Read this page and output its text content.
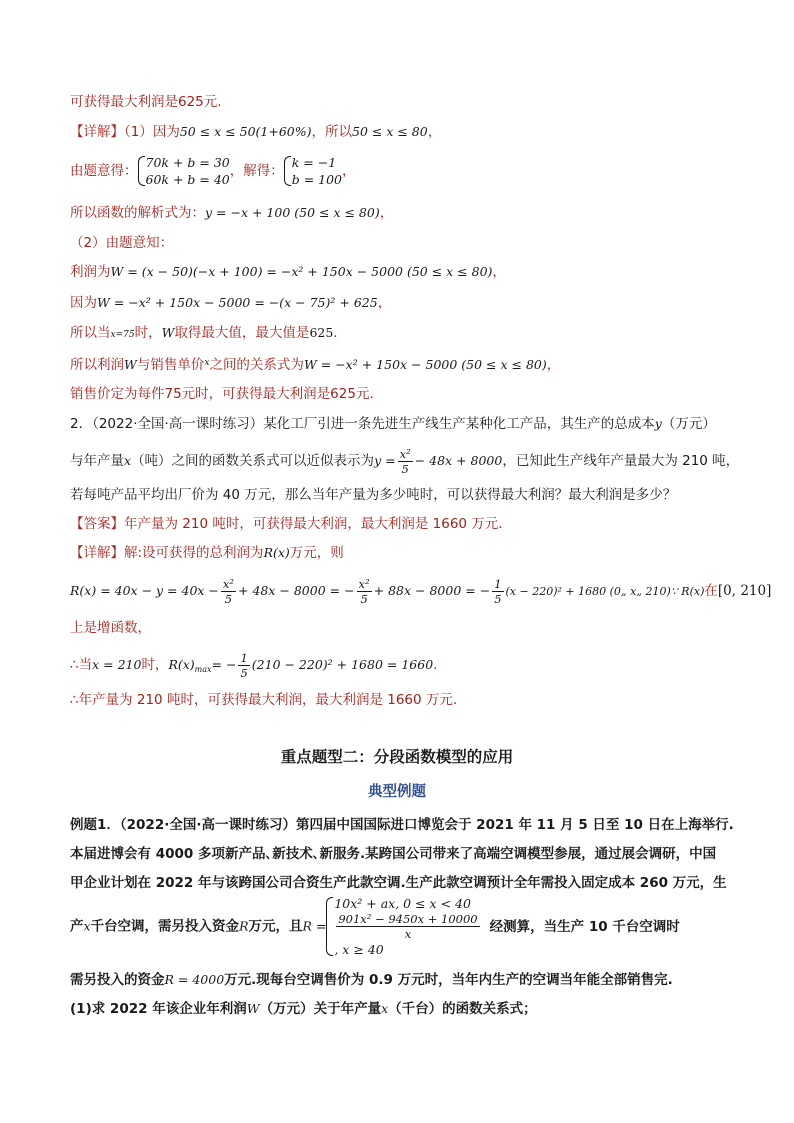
可获得最大利润是625元.
【详解】（1）因为50 ≤ x ≤ 50(1+60%)，所以50 ≤ x ≤ 80，
由题意得：
70k + b = 30
60k + b = 40
，解得：
k = −1
b = 100
，
所以函数的解析式为：y = −x + 100 (50 ≤ x ≤ 80)，
（2）由题意知：
利润为W = (x − 50)(−x + 100) = −x² + 150x − 5000 (50 ≤ x ≤ 80)，
因为W = −x² + 150x − 5000 = −(x − 75)² + 625，
所以当x=75时，W取得最大值，最大值是625.
所以利润W与销售单价$^x$之间的关系式为W = −x² + 150x − 5000 (50 ≤ x ≤ 80)，
销售价定为每件75元时，可获得最大利润是625元.
2．（2022·全国·高一课时练习）某化工厂引进一条先进生产线生产某种化工产品，其生产的总成本y（万元）
与年产量x（吨）之间的函数关系式可以近似表示为$y = \frac{\text{x²}}{5} - 48x + 8000$，已知此生产线年产量最大为 210 吨，
若每吨产品平均出厂价为 40 万元，那么当年产量为多少吨时，可以获得最大利润？最大利润是多少？
【答案】年产量为 210 吨时，可获得最大利润，最大利润是 1660 万元.
【详解】解:设可获得的总利润为R(x)万元，则
$R(x) = 40x - y = 40x - \frac{\text{x²}}{5} + 48x - 8000$ = − $\frac{\text{x²}}{5} + 88x - 8000$ = − $\frac{1}{5} (x - 220)^2 + 1680$ (0„ x„ 210)∵ R(x)在[0, 210]
上是增函数，
∴当x = 210时，$R(x)_{max}= - \frac{1}{5} (210 - 220)^2 + 1680 = 1660$.
∴年产量为 210 吨时，可获得最大利润，最大利润是 1660 万元.
重点题型二：分段函数模型的应用
典型例题
例题1．（2022·全国·高一课时练习）第四届中国国际进口博览会于 2021 年 11 月 5 日至 10 日在上海举行.
本届进博会有 4000 多项新产品､新技术､新服务.某跨国公司带来了高端空调模型参展，通过展会调研，中国
甲企业计划在 2022 年与该跨国公司合资生产此款空调.生产此款空调预计全年需投入固定成本 260 万元，生
产x千台空调，需另投入资金R万元，且R =
10x² + ax, 0 ≤ x < 40
901x² − 9450x + 10000
x
, x ≥ 40
经测算，当生产 10 千台空调时
需另投入的资金R = 4000万元.现每台空调售价为 0.9 万元时，当年内生产的空调当年能全部销售完.
(1)求 2022 年该企业年利润W（万元）关于年产量x（千台）的函数关系式；
